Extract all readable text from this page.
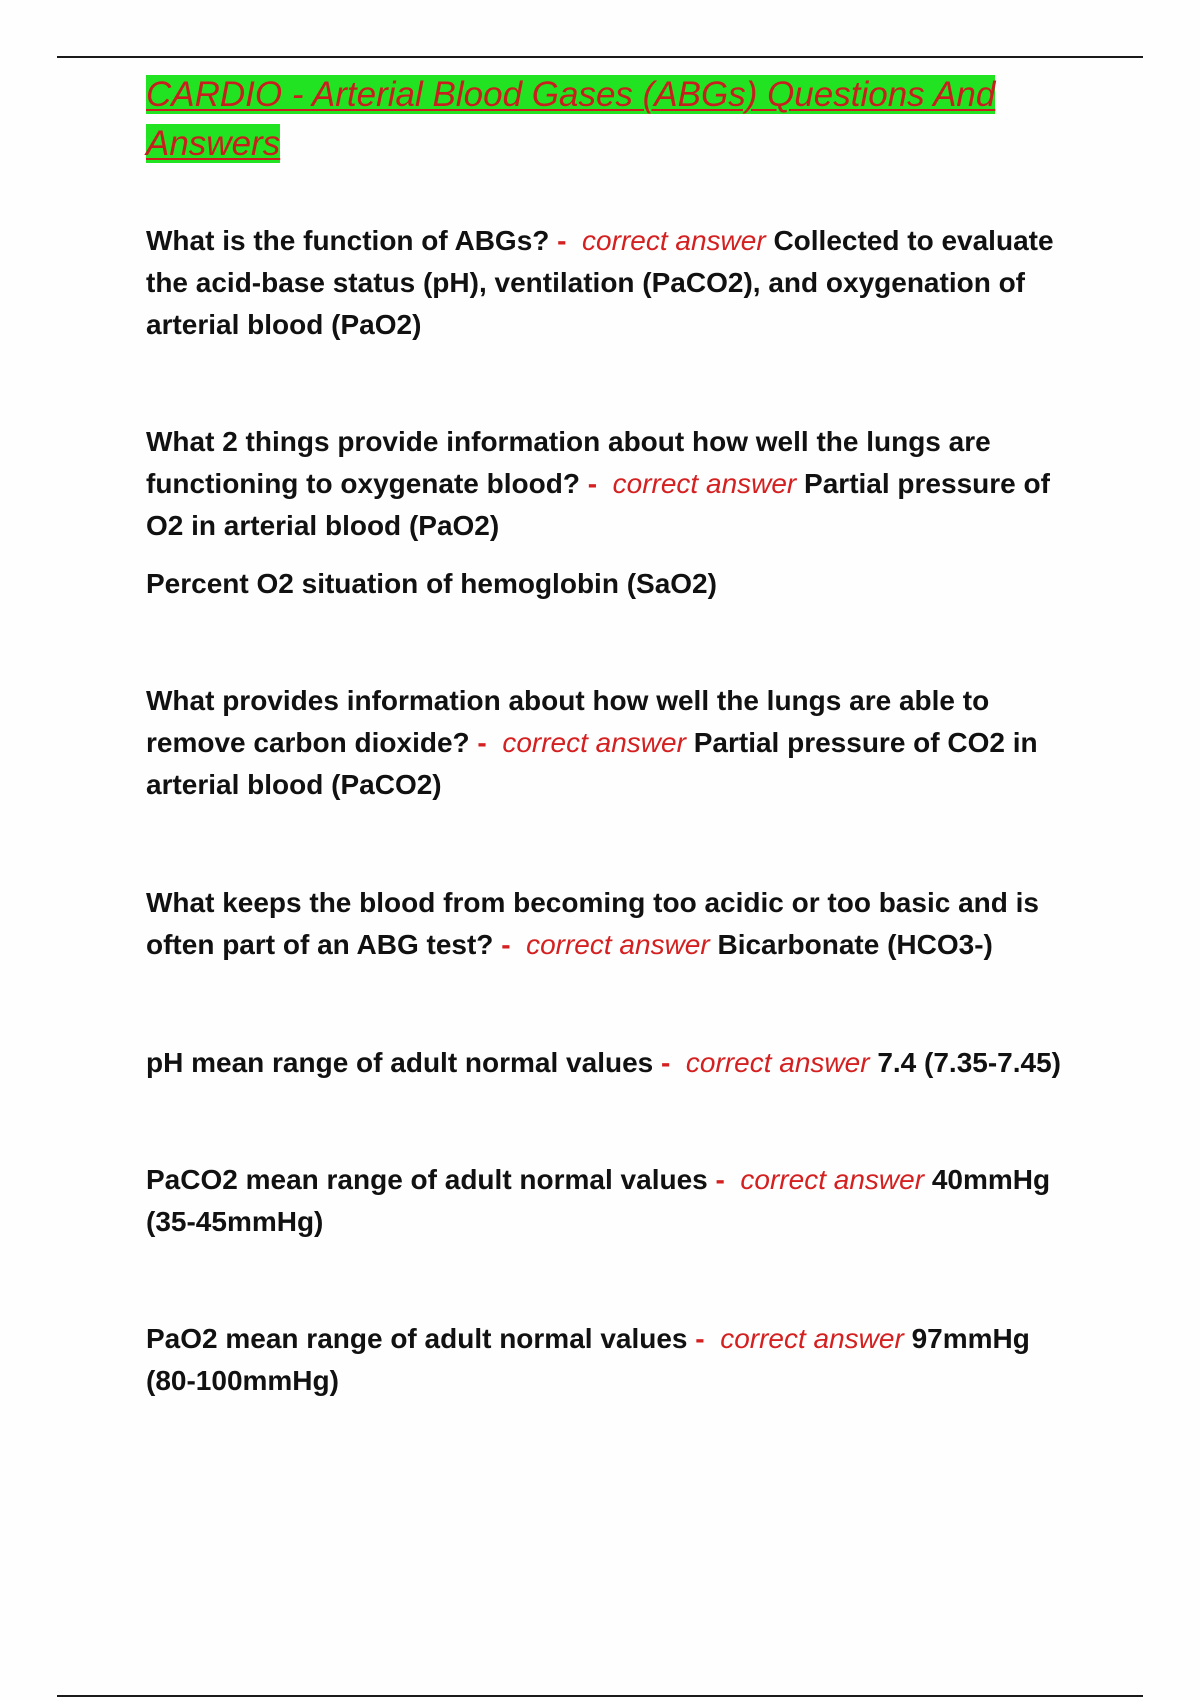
CARDIO - Arterial Blood Gases (ABGs) Questions And Answers

What is the function of ABGs? - correct answer Collected to evaluate the acid-base status (pH), ventilation (PaCO2), and oxygenation of arterial blood (PaO2)

What 2 things provide information about how well the lungs are functioning to oxygenate blood? - correct answer Partial pressure of O2 in arterial blood (PaO2)

Percent O2 situation of hemoglobin (SaO2)

What provides information about how well the lungs are able to remove carbon dioxide? - correct answer Partial pressure of CO2 in arterial blood (PaCO2)

What keeps the blood from becoming too acidic or too basic and is often part of an ABG test? - correct answer Bicarbonate (HCO3-)

pH mean range of adult normal values - correct answer 7.4 (7.35-7.45)

PaCO2 mean range of adult normal values - correct answer 40mmHg (35-45mmHg)

PaO2 mean range of adult normal values - correct answer 97mmHg (80-100mmHg)
